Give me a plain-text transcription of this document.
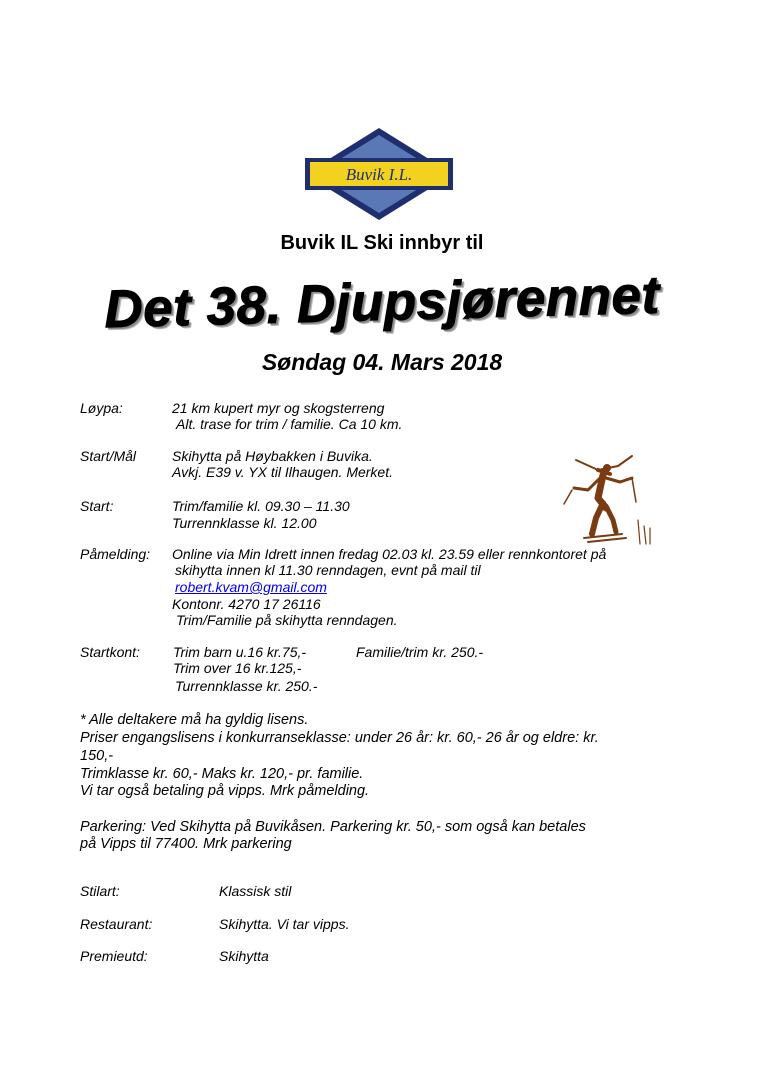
Buvik I.L.
Buvik IL Ski innbyr til
Det 38. Djupsjørennet
Søndag 04. Mars 2018
Løypa:	21 km kupert myr og skogsterreng
Alt. trase for trim / familie. Ca 10 km.
Start/Mål	Skihytta på Høybakken i Buvika.
Avkj. E39 v. YX til Ilhaugen. Merket.
Start:	Trim/familie kl. 09.30 – 11.30
Turrennklasse kl. 12.00
Påmelding: Online via Min Idrett innen fredag 02.03 kl. 23.59 eller rennkontoret på
skihytta innen kl 11.30 renndagen, evnt på mail til
robert.kvam@gmail.com
Kontonr. 4270 17 26116
Trim/Familie på skihytta renndagen.
Startkont: Trim barn u.16 kr.75,-	Familie/trim kr. 250.-
Trim over 16 kr.125,-
Turrennklasse kr. 250.-
* Alle deltakere må ha gyldig lisens.
Priser engangslisens i konkurranseklasse: under 26 år: kr. 60,- 26 år og eldre: kr.
150,-
Trimklasse kr. 60,- Maks kr. 120,- pr. familie.
Vi tar også betaling på vipps. Mrk påmelding.
Parkering: Ved Skihytta på Buvikåsen. Parkering kr. 50,- som også kan betales
på Vipps til 77400. Mrk parkering
Stilart:	Klassisk stil
Restaurant:	Skihytta. Vi tar vipps.
Premieutd:	Skihytta
